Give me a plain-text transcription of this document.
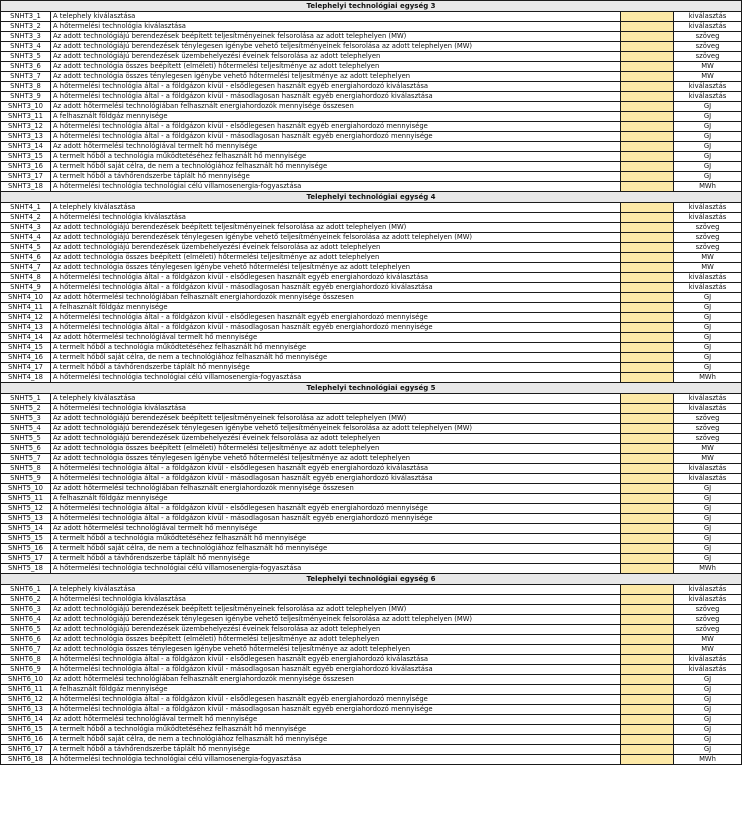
Telephelyi technológiai egység 3			
SNHT3_1	A telephely kiválasztása		kiválasztás
SNHT3_2	A hőtermelési technológia kiválasztása		kiválasztás
SNHT3_3	Az adott technológiájú berendezések beépített teljesítményeinek felsorolása az adott telephelyen (MW)		szöveg
SNHT3_4	Az adott technológiájú berendezések ténylegesen igénybe vehető teljesítményeinek felsorolása az adott telephelyen (MW)		szöveg
SNHT3_5	Az adott technológiájú berendezések üzembehelyezési éveinek felsorolása az adott telephelyen		szöveg
SNHT3_6	Az adott technológia összes beépített (elméleti) hőtermelési teljesítménye az adott telephelyen		MW
SNHT3_7	Az adott technológia összes ténylegesen igénybe vehető hőtermelési teljesítménye az adott telephelyen		MW
SNHT3_8	A hőtermelési technológia által - a földgázon kívül - elsődlegesen használt egyéb energiahordozó kiválasztása		kiválasztás
SNHT3_9	A hőtermelési technológia által - a földgázon kívül - másodlagosan használt egyéb energiahordozó kiválasztása		kiválasztás
SNHT3_10	Az adott hőtermelési technológiában felhasznált energiahordozók mennyisége összesen		GJ
SNHT3_11	A felhasznált földgáz mennyisége		GJ
SNHT3_12	A hőtermelési technológia által - a földgázon kívül - elsődlegesen használt egyéb energiahordozó mennyisége		GJ
SNHT3_13	A hőtermelési technológia által - a földgázon kívül - másodlagosan használt egyéb energiahordozó mennyisége		GJ
SNHT3_14	Az adott hőtermelési technológiával termelt hő mennyisége		GJ
SNHT3_15	A termelt hőből a technológia működtetéséhez felhasznált hő mennyisége		GJ
SNHT3_16	A termelt hőből saját célra, de nem a technológiához felhasznált hő mennyisége		GJ
SNHT3_17	A termelt hőből a távhőrendszerbe táplált hő mennyisége		GJ
SNHT3_18	A hőtermelési technológia technológiai célú villamosenergia-fogyasztása		MWh
Telephelyi technológiai egység 4			
SNHT4_1	A telephely kiválasztása		kiválasztás
SNHT4_2	A hőtermelési technológia kiválasztása		kiválasztás
SNHT4_3	Az adott technológiájú berendezések beépített teljesítményeinek felsorolása az adott telephelyen (MW)		szöveg
SNHT4_4	Az adott technológiájú berendezések ténylegesen igénybe vehető teljesítményeinek felsorolása az adott telephelyen (MW)		szöveg
SNHT4_5	Az adott technológiájú berendezések üzembehelyezési éveinek felsorolása az adott telephelyen		szöveg
SNHT4_6	Az adott technológia összes beépített (elméleti) hőtermelési teljesítménye az adott telephelyen		MW
SNHT4_7	Az adott technológia összes ténylegesen igénybe vehető hőtermelési teljesítménye az adott telephelyen		MW
SNHT4_8	A hőtermelési technológia által - a földgázon kívül - elsődlegesen használt egyéb energiahordozó kiválasztása		kiválasztás
SNHT4_9	A hőtermelési technológia által - a földgázon kívül - másodlagosan használt egyéb energiahordozó kiválasztása		kiválasztás
SNHT4_10	Az adott hőtermelési technológiában felhasznált energiahordozók mennyisége összesen		GJ
SNHT4_11	A felhasznált földgáz mennyisége		GJ
SNHT4_12	A hőtermelési technológia által - a földgázon kívül - elsődlegesen használt egyéb energiahordozó mennyisége		GJ
SNHT4_13	A hőtermelési technológia által - a földgázon kívül - másodlagosan használt egyéb energiahordozó mennyisége		GJ
SNHT4_14	Az adott hőtermelési technológiával termelt hő mennyisége		GJ
SNHT4_15	A termelt hőből a technológia működtetéséhez felhasznált hő mennyisége		GJ
SNHT4_16	A termelt hőből saját célra, de nem a technológiához felhasznált hő mennyisége		GJ
SNHT4_17	A termelt hőből a távhőrendszerbe táplált hő mennyisége		GJ
SNHT4_18	A hőtermelési technológia technológiai célú villamosenergia-fogyasztása		MWh
Telephelyi technológiai egység 5			
SNHT5_1	A telephely kiválasztása		kiválasztás
SNHT5_2	A hőtermelési technológia kiválasztása		kiválasztás
SNHT5_3	Az adott technológiájú berendezések beépített teljesítményeinek felsorolása az adott telephelyen (MW)		szöveg
SNHT5_4	Az adott technológiájú berendezések ténylegesen igénybe vehető teljesítményeinek felsorolása az adott telephelyen (MW)		szöveg
SNHT5_5	Az adott technológiájú berendezések üzembehelyezési éveinek felsorolása az adott telephelyen		szöveg
SNHT5_6	Az adott technológia összes beépített (elméleti) hőtermelési teljesítménye az adott telephelyen		MW
SNHT5_7	Az adott technológia összes ténylegesen igénybe vehető hőtermelési teljesítménye az adott telephelyen		MW
SNHT5_8	A hőtermelési technológia által - a földgázon kívül - elsődlegesen használt egyéb energiahordozó kiválasztása		kiválasztás
SNHT5_9	A hőtermelési technológia által - a földgázon kívül - másodlagosan használt egyéb energiahordozó kiválasztása		kiválasztás
SNHT5_10	Az adott hőtermelési technológiában felhasznált energiahordozók mennyisége összesen		GJ
SNHT5_11	A felhasznált földgáz mennyisége		GJ
SNHT5_12	A hőtermelési technológia által - a földgázon kívül - elsődlegesen használt egyéb energiahordozó mennyisége		GJ
SNHT5_13	A hőtermelési technológia által - a földgázon kívül - másodlagosan használt egyéb energiahordozó mennyisége		GJ
SNHT5_14	Az adott hőtermelési technológiával termelt hő mennyisége		GJ
SNHT5_15	A termelt hőből a technológia működtetéséhez felhasznált hő mennyisége		GJ
SNHT5_16	A termelt hőből saját célra, de nem a technológiához felhasznált hő mennyisége		GJ
SNHT5_17	A termelt hőből a távhőrendszerbe táplált hő mennyisége		GJ
SNHT5_18	A hőtermelési technológia technológiai célú villamosenergia-fogyasztása		MWh
Telephelyi technológiai egység 6			
SNHT6_1	A telephely kiválasztása		kiválasztás
SNHT6_2	A hőtermelési technológia kiválasztása		kiválasztás
SNHT6_3	Az adott technológiájú berendezések beépített teljesítményeinek felsorolása az adott telephelyen (MW)		szöveg
SNHT6_4	Az adott technológiájú berendezések ténylegesen igénybe vehető teljesítményeinek felsorolása az adott telephelyen (MW)		szöveg
SNHT6_5	Az adott technológiájú berendezések üzembehelyezési éveinek felsorolása az adott telephelyen		szöveg
SNHT6_6	Az adott technológia összes beépített (elméleti) hőtermelési teljesítménye az adott telephelyen		MW
SNHT6_7	Az adott technológia összes ténylegesen igénybe vehető hőtermelési teljesítménye az adott telephelyen		MW
SNHT6_8	A hőtermelési technológia által - a földgázon kívül - elsődlegesen használt egyéb energiahordozó kiválasztása		kiválasztás
SNHT6_9	A hőtermelési technológia által - a földgázon kívül - másodlagosan használt egyéb energiahordozó kiválasztása		kiválasztás
SNHT6_10	Az adott hőtermelési technológiában felhasznált energiahordozók mennyisége összesen		GJ
SNHT6_11	A felhasznált földgáz mennyisége		GJ
SNHT6_12	A hőtermelési technológia által - a földgázon kívül - elsődlegesen használt egyéb energiahordozó mennyisége		GJ
SNHT6_13	A hőtermelési technológia által - a földgázon kívül - másodlagosan használt egyéb energiahordozó mennyisége		GJ
SNHT6_14	Az adott hőtermelési technológiával termelt hő mennyisége		GJ
SNHT6_15	A termelt hőből a technológia működtetéséhez felhasznált hő mennyisége		GJ
SNHT6_16	A termelt hőből saját célra, de nem a technológiához felhasznált hő mennyisége		GJ
SNHT6_17	A termelt hőből a távhőrendszerbe táplált hő mennyisége		GJ
SNHT6_18	A hőtermelési technológia technológiai célú villamosenergia-fogyasztása		MWh
